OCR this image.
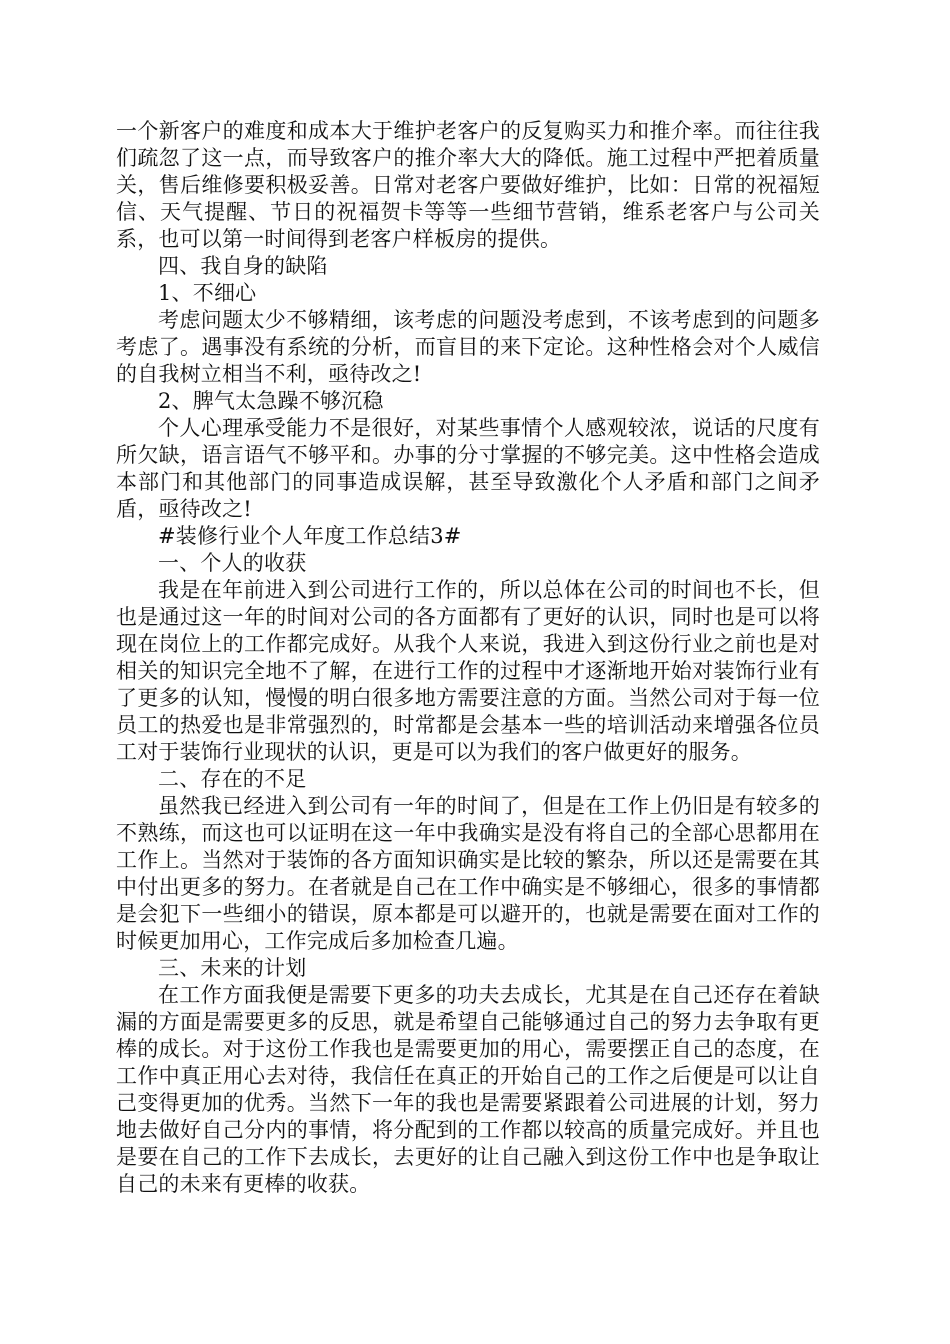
一个新客户的难度和成本大于维护老客户的反复购买力和推介率。而往往我们疏忽了这一点，而导致客户的推介率大大的降低。施工过程中严把着质量关，售后维修要积极妥善。日常对老客户要做好维护，比如：日常的祝福短信、天气提醒、节日的祝福贺卡等等一些细节营销，维系老客户与公司关系，也可以第一时间得到老客户样板房的提供。

四、我自身的缺陷

1、不细心

考虑问题太少不够精细，该考虑的问题没考虑到，不该考虑到的问题多考虑了。遇事没有系统的分析，而盲目的来下定论。这种性格会对个人威信的自我树立相当不利，亟待改之!

2、脾气太急躁不够沉稳

个人心理承受能力不是很好，对某些事情个人感观较浓，说话的尺度有所欠缺，语言语气不够平和。办事的分寸掌握的不够完美。这中性格会造成本部门和其他部门的同事造成误解，甚至导致激化个人矛盾和部门之间矛盾，亟待改之!

#装修行业个人年度工作总结3#

一、个人的收获

我是在年前进入到公司进行工作的，所以总体在公司的时间也不长，但也是通过这一年的时间对公司的各方面都有了更好的认识，同时也是可以将现在岗位上的工作都完成好。从我个人来说，我进入到这份行业之前也是对相关的知识完全地不了解，在进行工作的过程中才逐渐地开始对装饰行业有了更多的认知，慢慢的明白很多地方需要注意的方面。当然公司对于每一位员工的热爱也是非常强烈的，时常都是会基本一些的培训活动来增强各位员工对于装饰行业现状的认识，更是可以为我们的客户做更好的服务。

二、存在的不足

虽然我已经进入到公司有一年的时间了，但是在工作上仍旧是有较多的不熟练，而这也可以证明在这一年中我确实是没有将自己的全部心思都用在工作上。当然对于装饰的各方面知识确实是比较的繁杂，所以还是需要在其中付出更多的努力。在者就是自己在工作中确实是不够细心，很多的事情都是会犯下一些细小的错误，原本都是可以避开的，也就是需要在面对工作的时候更加用心，工作完成后多加检查几遍。

三、未来的计划

在工作方面我便是需要下更多的功夫去成长，尤其是在自己还存在着缺漏的方面是需要更多的反思，就是希望自己能够通过自己的努力去争取有更棒的成长。对于这份工作我也是需要更加的用心，需要摆正自己的态度，在工作中真正用心去对待，我信任在真正的开始自己的工作之后便是可以让自己变得更加的优秀。当然下一年的我也是需要紧跟着公司进展的计划，努力地去做好自己分内的事情，将分配到的工作都以较高的质量完成好。并且也是要在自己的工作下去成长，去更好的让自己融入到这份工作中也是争取让自己的未来有更棒的收获。
